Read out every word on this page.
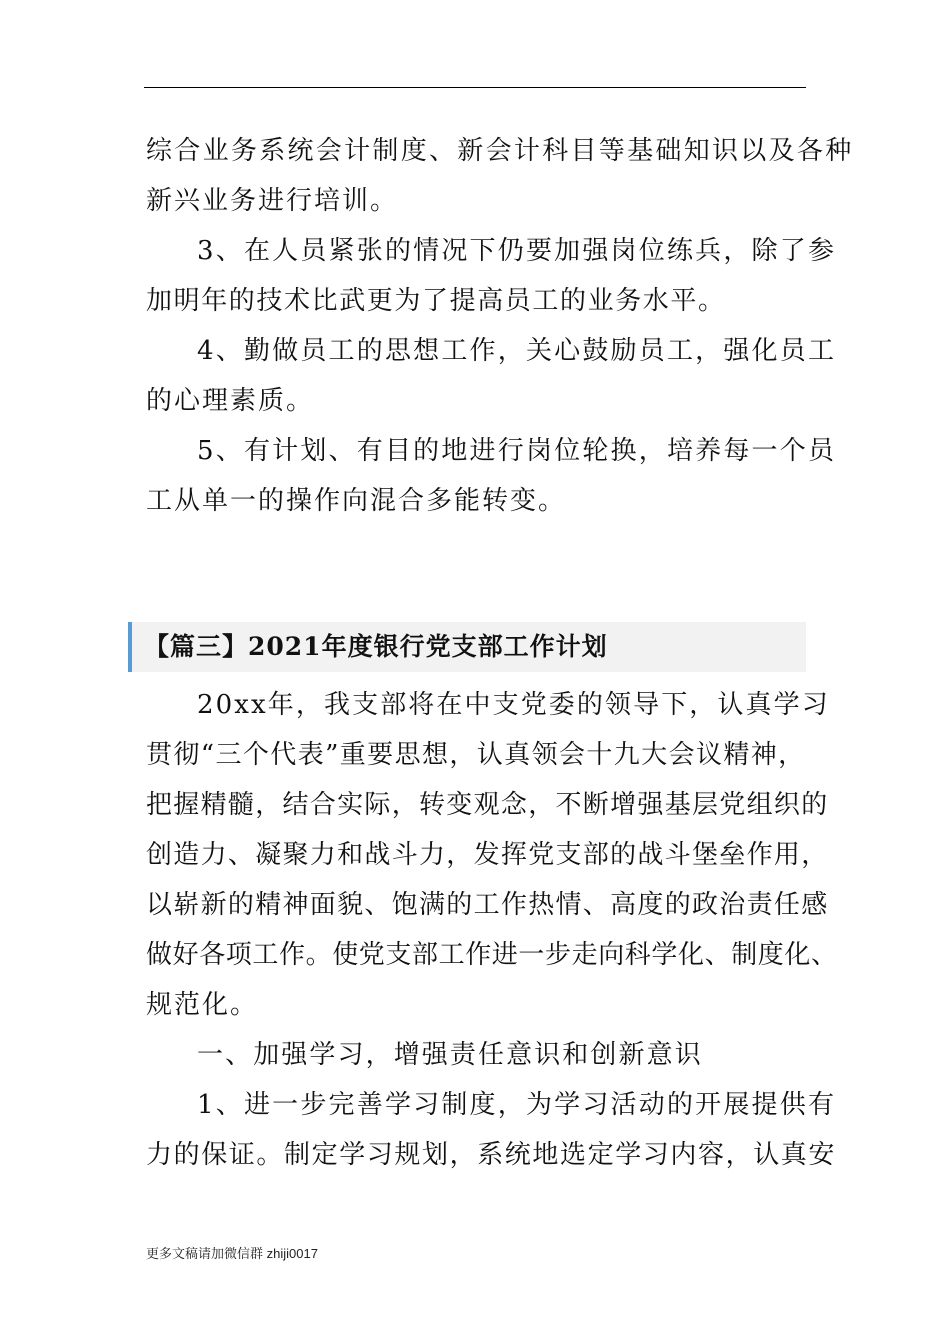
综合业务系统会计制度、新会计科目等基础知识以及各种
新兴业务进行培训。
3、在人员紧张的情况下仍要加强岗位练兵，除了参
加明年的技术比武更为了提高员工的业务水平。
4、勤做员工的思想工作，关心鼓励员工，强化员工
的心理素质。
5、有计划、有目的地进行岗位轮换，培养每一个员
工从单一的操作向混合多能转变。
【篇三】2021年度银行党支部工作计划
20xx年，我支部将在中支党委的领导下，认真学习
贯彻“三个代表”重要思想，认真领会十九大会议精神，
把握精髓，结合实际，转变观念，不断增强基层党组织的
创造力、凝聚力和战斗力，发挥党支部的战斗堡垒作用，
以崭新的精神面貌、饱满的工作热情、高度的政治责任感
做好各项工作。使党支部工作进一步走向科学化、制度化、
规范化。
一、加强学习，增强责任意识和创新意识
1、进一步完善学习制度，为学习活动的开展提供有
力的保证。制定学习规划，系统地选定学习内容，认真安
更多文稿请加微信群 zhiji0017
